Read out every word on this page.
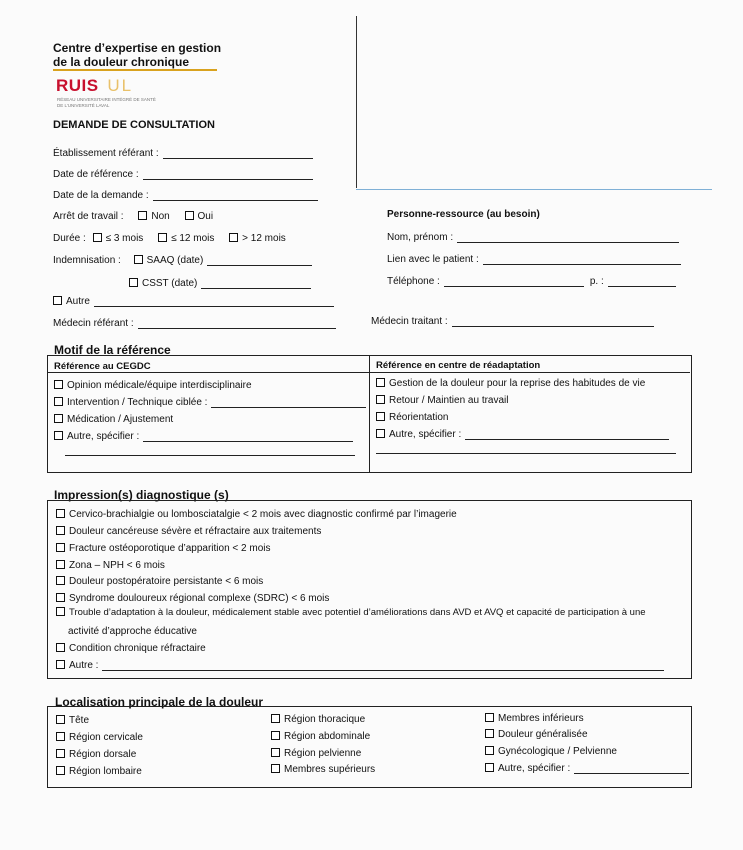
Centre d’expertise en gestion
de la douleur chronique
RUIS UL
RÉSEAU UNIVERSITAIRE INTÉGRÉ DE SANTÉ
DE L’UNIVERSITÉ LAVAL
DEMANDE DE CONSULTATION
Établissement référant :
Date de référence :
Date de la demande :
Arrêt de travail :	Non	Oui
Durée : ≤ 3 mois	≤ 12 mois	> 12 mois
Indemnisation :	SAAQ (date)
CSST (date)
Autre
Médecin référant :
Personne-ressource (au besoin)
Nom, prénom :
Lien avec le patient :
Téléphone :	p. :
Médecin traitant :
Motif de la référence
Référence au CEGDC	Référence en centre de réadaptation
Opinion médicale/équipe interdisciplinaire
Intervention / Technique ciblée :
Médication / Ajustement
Autre, spécifier :
Gestion de la douleur pour la reprise des habitudes de vie
Retour / Maintien au travail
Réorientation
Autre, spécifier :
Impression(s) diagnostique (s)
Cervico-brachialgie ou lombosciatalgie < 2 mois avec diagnostic confirmé par l’imagerie
Douleur cancéreuse sévère et réfractaire aux traitements
Fracture ostéoporotique d’apparition < 2 mois
Zona – NPH < 6 mois
Douleur postopératoire persistante < 6 mois
Syndrome douloureux régional complexe (SDRC) < 6 mois
Trouble d’adaptation à la douleur, médicalement stable avec potentiel d’améliorations dans AVD et AVQ et capacité de participation à une
activité d’approche éducative
Condition chronique réfractaire
Autre :
Localisation principale de la douleur
Tête
Région cervicale
Région dorsale
Région lombaire
Région thoracique
Région abdominale
Région pelvienne
Membres supérieurs
Membres inférieurs
Douleur généralisée
Gynécologique / Pelvienne
Autre, spécifier :
